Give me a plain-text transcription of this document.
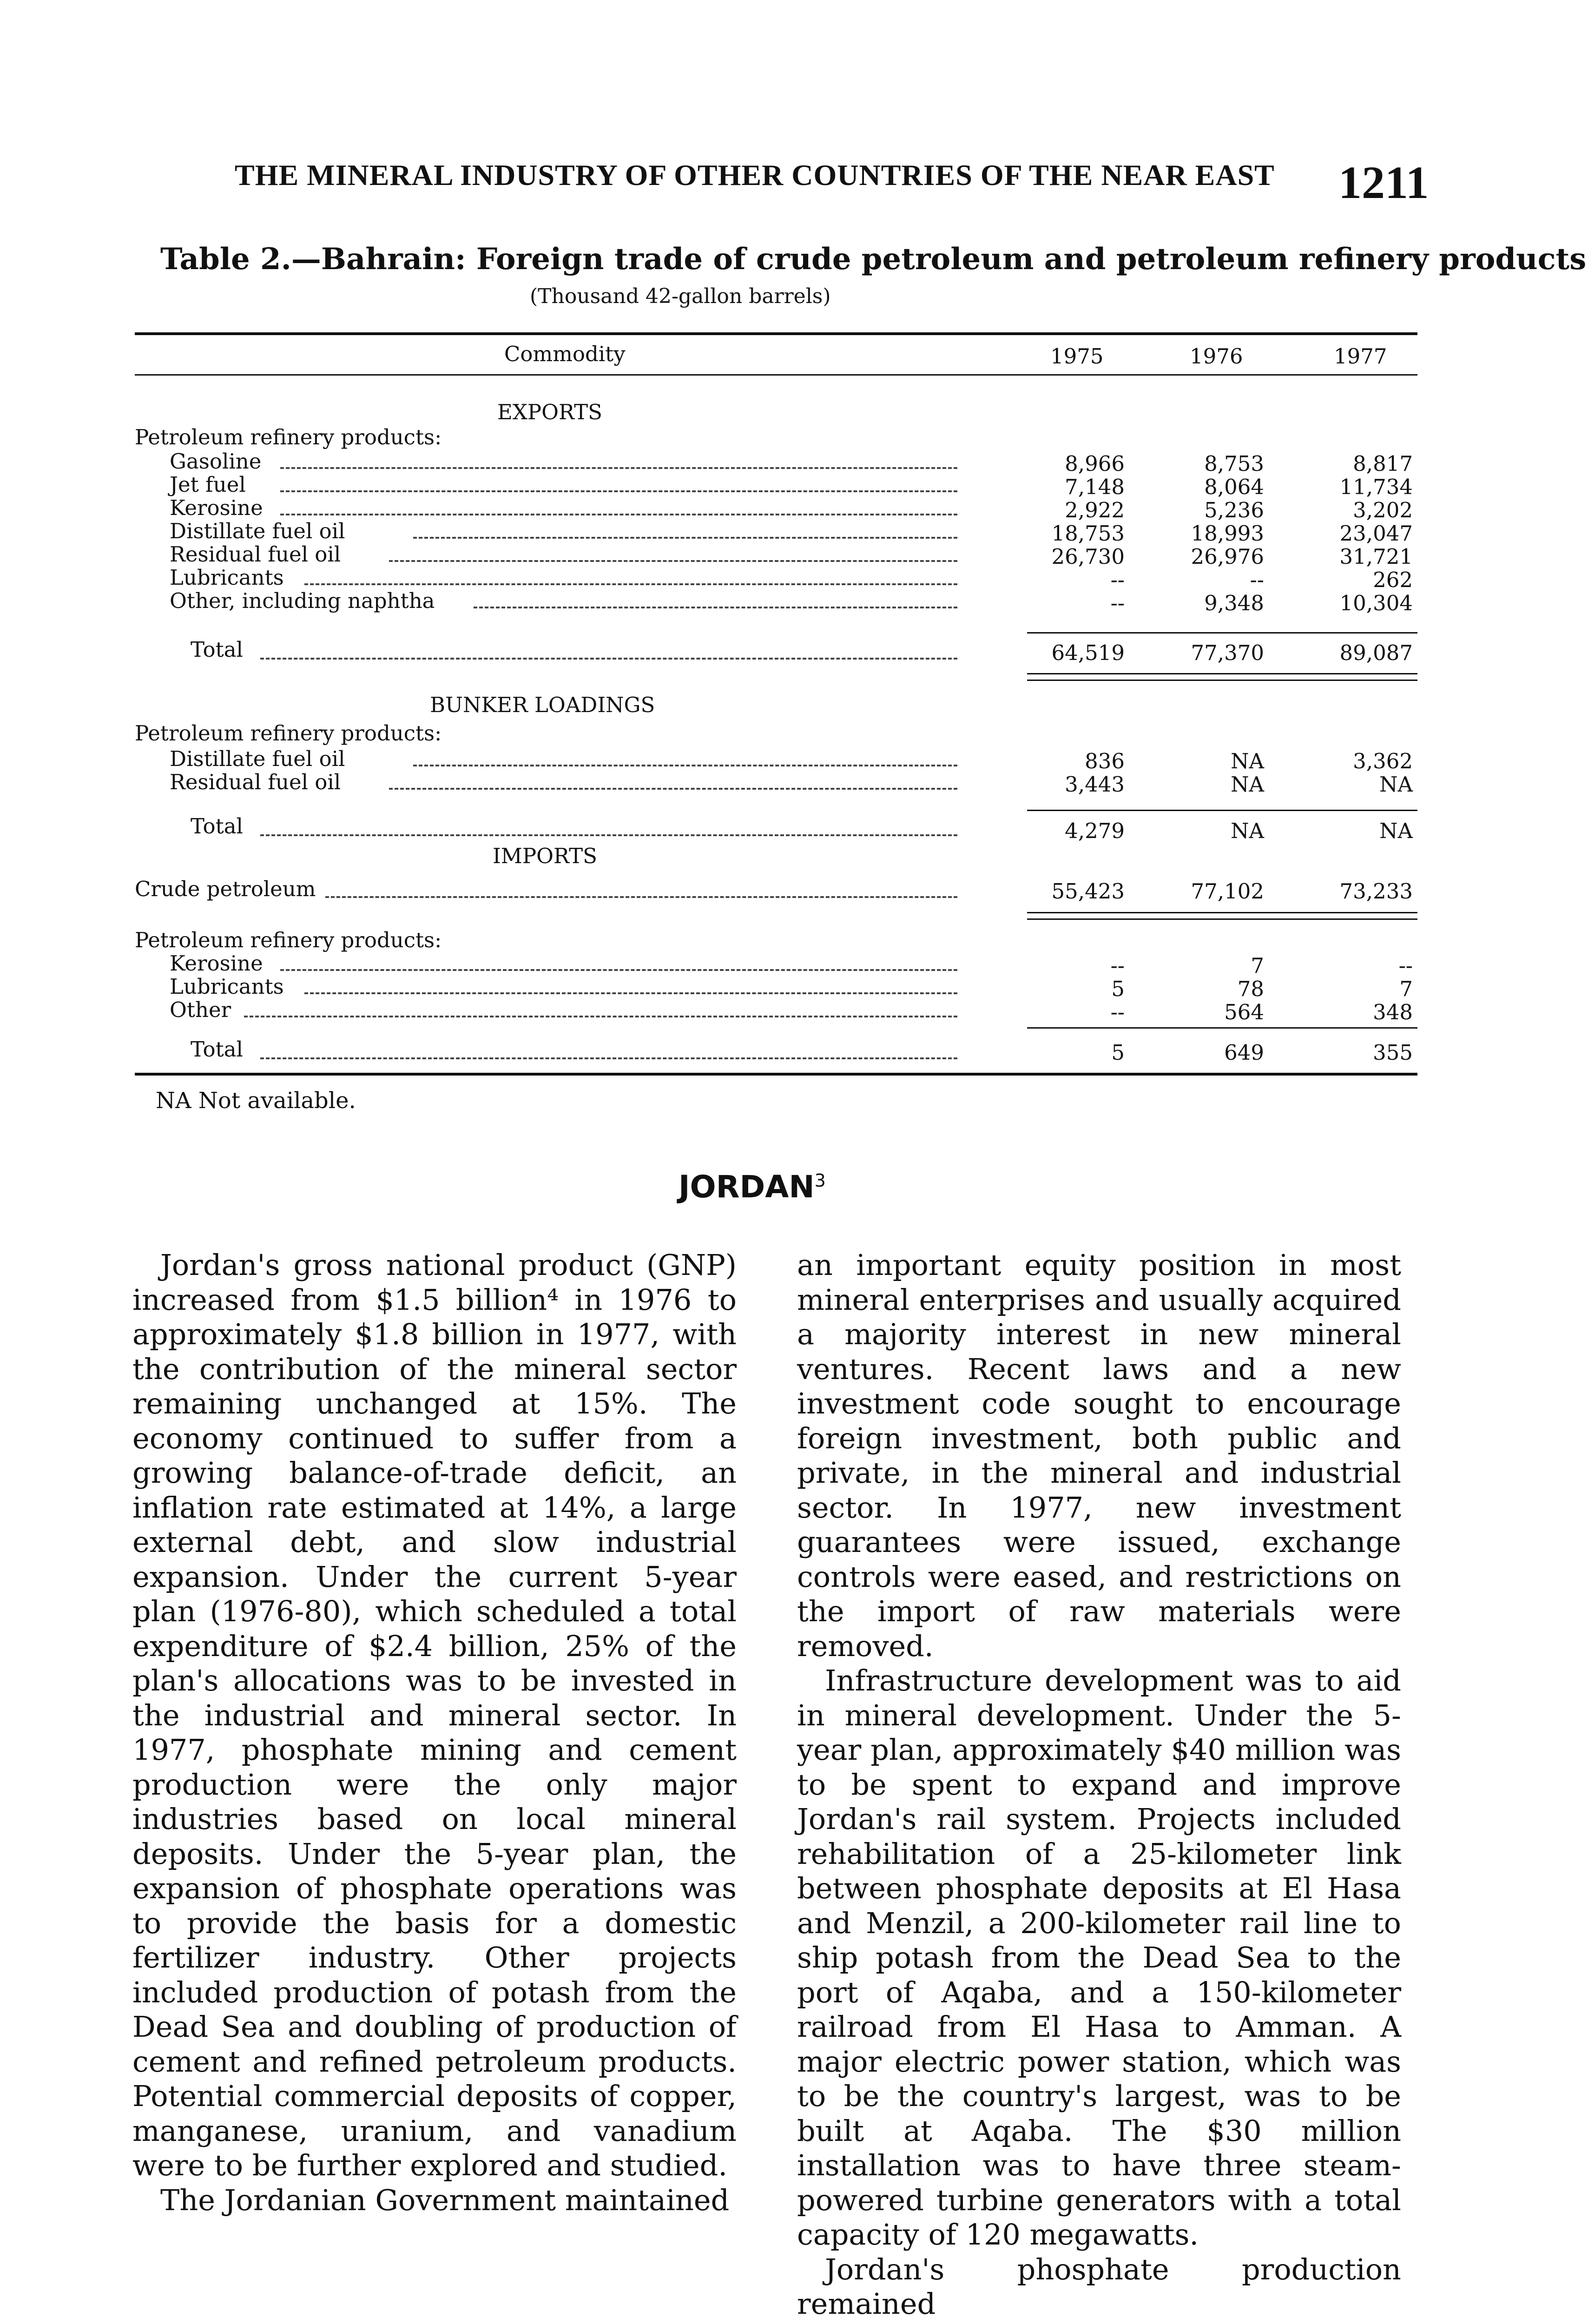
THE MINERAL INDUSTRY OF OTHER COUNTRIES OF THE NEAR EAST	1211
Table 2.—Bahrain: Foreign trade of crude petroleum and petroleum refinery products
(Thousand 42-gallon barrels)
Commodity	1975	1976	1977
EXPORTS
Petroleum refinery products:
Gasoline	8,966	8,753	8,817
Jet fuel	7,148	8,064	11,734
Kerosine	2,922	5,236	3,202
Distillate fuel oil	18,753	18,993	23,047
Residual fuel oil	26,730	26,976	31,721
Lubricants	--	--	262
Other, including naphtha	--	9,348	10,304
Total	64,519	77,370	89,087
BUNKER LOADINGS
Petroleum refinery products:
Distillate fuel oil	836	NA	3,362
Residual fuel oil	3,443	NA	NA
Total	4,279	NA	NA
IMPORTS
Crude petroleum	55,423	77,102	73,233
Petroleum refinery products:
Kerosine	--	7	--
Lubricants	5	78	7
Other	--	564	348
Total	5	649	355
NA Not available.
JORDAN$^3$

Jordan's gross national product (GNP) increased from $1.5 billion⁴ in 1976 to approximately $1.8 billion in 1977, with the contribution of the mineral sector remaining unchanged at 15%. The economy continued to suffer from a growing balance-of-trade deficit, an inflation rate estimated at 14%, a large external debt, and slow industrial expansion. Under the current 5-year plan (1976-80), which scheduled a total expenditure of $2.4 billion, 25% of the plan's allocations was to be invested in the industrial and mineral sector. In 1977, phosphate mining and cement production were the only major industries based on local mineral deposits. Under the 5-year plan, the expansion of phosphate operations was to provide the basis for a domestic fertilizer industry. Other projects included production of potash from the Dead Sea and doubling of production of cement and refined petroleum products. Potential commercial deposits of copper, manganese, uranium, and vanadium were to be further explored and studied.

The Jordanian Government maintained

an important equity position in most mineral enterprises and usually acquired a majority interest in new mineral ventures. Recent laws and a new investment code sought to encourage foreign investment, both public and private, in the mineral and industrial sector. In 1977, new investment guarantees were issued, exchange controls were eased, and restrictions on the import of raw materials were removed.

Infrastructure development was to aid in mineral development. Under the 5-year plan, approximately $40 million was to be spent to expand and improve Jordan's rail system. Projects included rehabilitation of a 25-kilometer link between phosphate deposits at El Hasa and Menzil, a 200-kilometer rail line to ship potash from the Dead Sea to the port of Aqaba, and a 150-kilometer railroad from El Hasa to Amman. A major electric power station, which was to be the country's largest, was to be built at Aqaba. The $30 million installation was to have three steam-powered turbine generators with a total capacity of 120 megawatts.

Jordan's phosphate production remained
